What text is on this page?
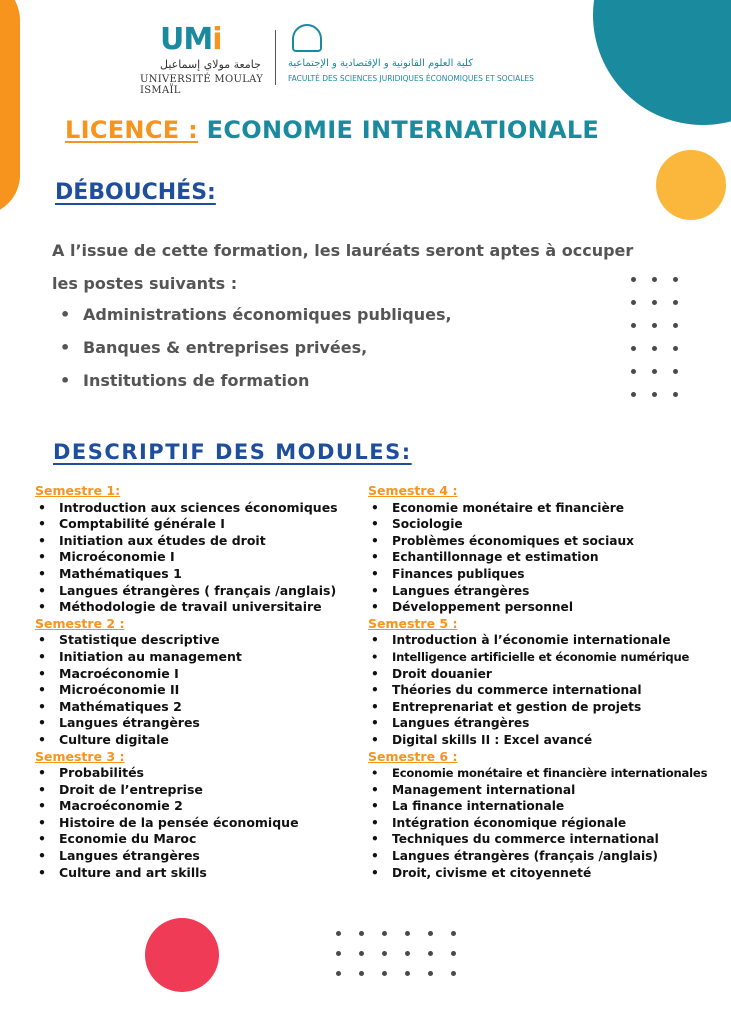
UMi
جامعة مولاي إسماعيل
UNIVERSITÉ MOULAY ISMAÏL
كلية العلوم القانونية و الإقتصادية و الإجتماعية
FACULTÉ DES SCIENCES JURIDIQUES ÉCONOMIQUES ET SOCIALES
LICENCE : ECONOMIE INTERNATIONALE
DÉBOUCHÉS:
A l’issue de cette formation, les lauréats seront aptes à occuper les postes suivants :
• Administrations économiques publiques,
• Banques & entreprises privées,
• Institutions de formation
DESCRIPTIF DES MODULES:
Semestre 1:
• Introduction aux sciences économiques
• Comptabilité générale I
• Initiation aux études de droit
• Microéconomie I
• Mathématiques 1
• Langues étrangères ( français /anglais)
• Méthodologie de travail universitaire
Semestre 2 :
• Statistique descriptive
• Initiation au management
• Macroéconomie I
• Microéconomie II
• Mathématiques 2
• Langues étrangères
• Culture digitale
Semestre 3 :
• Probabilités
• Droit de l’entreprise
• Macroéconomie 2
• Histoire de la pensée économique
• Economie du Maroc
• Langues étrangères
• Culture and art skills
Semestre 4 :
• Economie monétaire et financière
• Sociologie
• Problèmes économiques et sociaux
• Echantillonnage et estimation
• Finances publiques
• Langues étrangères
• Développement personnel
Semestre 5 :
• Introduction à l’économie internationale
• Intelligence artificielle et économie numérique
• Droit douanier
• Théories du commerce international
• Entreprenariat et gestion de projets
• Langues étrangères
• Digital skills II : Excel avancé
Semestre 6 :
• Economie monétaire et financière internationales
• Management international
• La finance internationale
• Intégration économique régionale
• Techniques du commerce international
• Langues étrangères (français /anglais)
• Droit, civisme et citoyenneté
